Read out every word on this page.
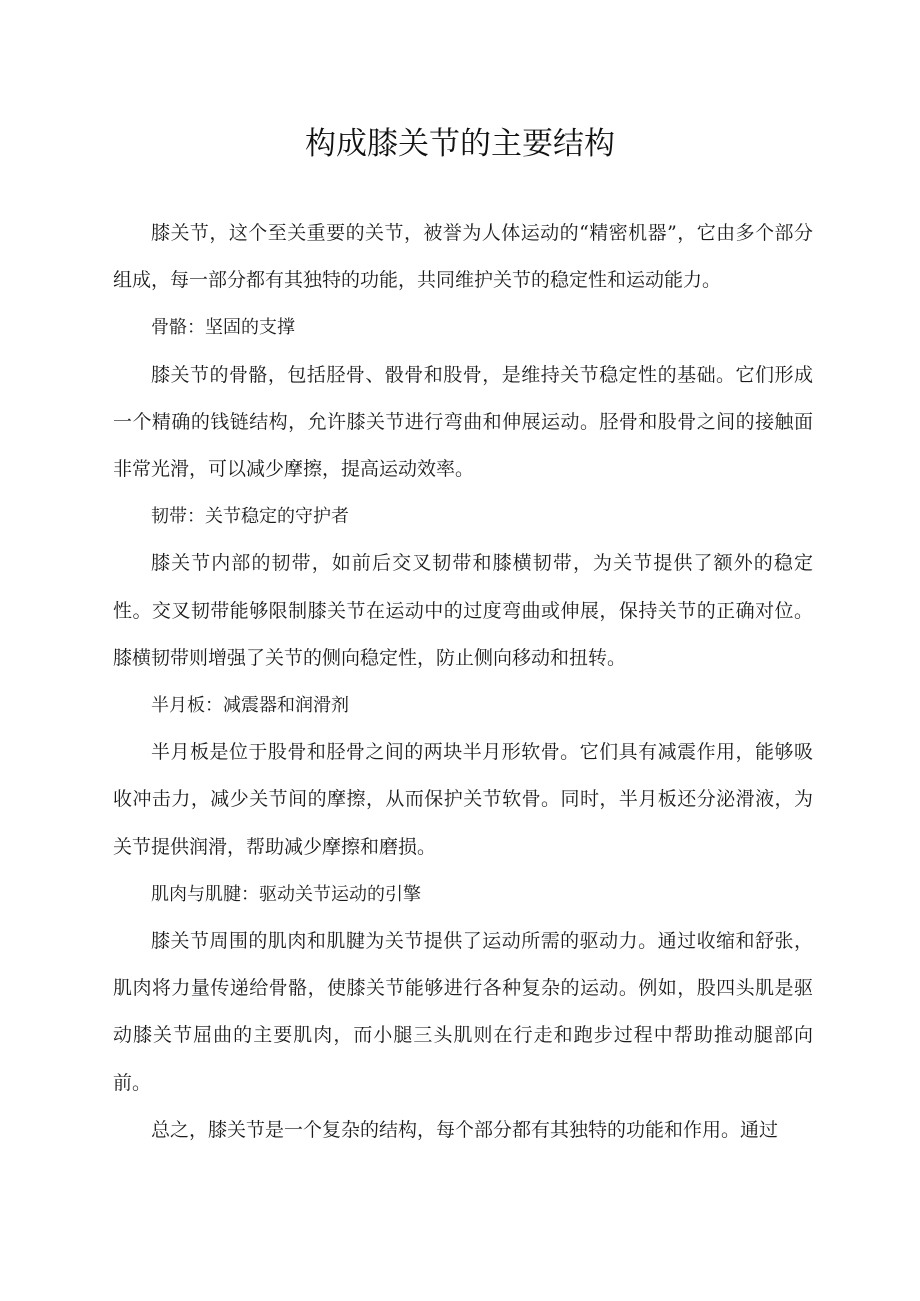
构成膝关节的主要结构

膝关节，这个至关重要的关节，被誉为人体运动的“精密机器”，它由多个部分组成，每一部分都有其独特的功能，共同维护关节的稳定性和运动能力。

骨骼：坚固的支撑

膝关节的骨骼，包括胫骨、骰骨和股骨，是维持关节稳定性的基础。它们形成一个精确的钱链结构，允许膝关节进行弯曲和伸展运动。胫骨和股骨之间的接触面非常光滑，可以减少摩擦，提高运动效率。

韧带：关节稳定的守护者

膝关节内部的韧带，如前后交叉韧带和膝横韧带，为关节提供了额外的稳定性。交叉韧带能够限制膝关节在运动中的过度弯曲或伸展，保持关节的正确对位。膝横韧带则增强了关节的侧向稳定性，防止侧向移动和扭转。

半月板：减震器和润滑剂

半月板是位于股骨和胫骨之间的两块半月形软骨。它们具有减震作用，能够吸收冲击力，减少关节间的摩擦，从而保护关节软骨。同时，半月板还分泌滑液，为关节提供润滑，帮助减少摩擦和磨损。

肌肉与肌腱：驱动关节运动的引擎

膝关节周围的肌肉和肌腱为关节提供了运动所需的驱动力。通过收缩和舒张，肌肉将力量传递给骨骼，使膝关节能够进行各种复杂的运动。例如，股四头肌是驱动膝关节屈曲的主要肌肉，而小腿三头肌则在行走和跑步过程中帮助推动腿部向前。

总之，膝关节是一个复杂的结构，每个部分都有其独特的功能和作用。通过
